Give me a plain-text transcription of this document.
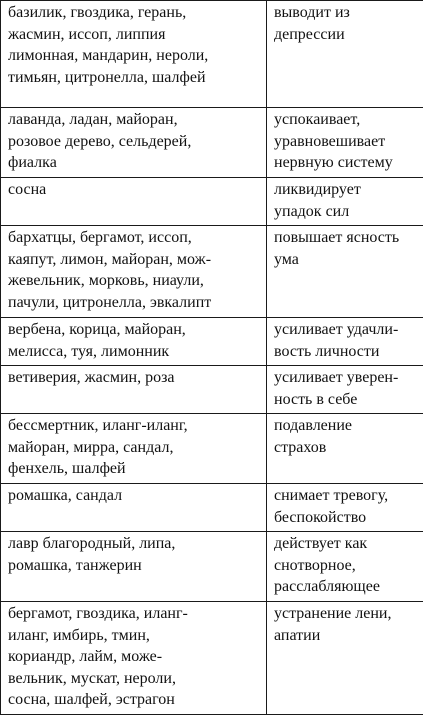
базилик, гвоздика, герань,
жасмин, иссоп, липпия
лимонная, мандарин, нероли,
тимьян, цитронелла, шалфей	выводит из
депрессии

лаванда, ладан, майоран,
розовое дерево, сельдерей,
фиалка	успокаивает,
уравновешивает
нервную систему

сосна	ликвидирует
упадок сил

бархатцы, бергамот, иссоп,
каяпут, лимон, майоран, мож-
жевельник, морковь, ниаули,
пачули, цитронелла, эвкалипт	повышает ясность
ума

вербена, корица, майоран,
мелисса, туя, лимонник	усиливает удачли-
вость личности

ветиверия, жасмин, роза	усиливает уверен-
ность в себе

бессмертник, иланг-иланг,
майоран, мирра, сандал,
фенхель, шалфей	подавление
страхов

ромашка, сандал	снимает тревогу,
беспокойство

лавр благородный, липа,
ромашка, танжерин	действует как
снотворное,
расслабляющее

бергамот, гвоздика, иланг-
иланг, имбирь, тмин,
кориандр, лайм, може-
вельник, мускат, нероли,
сосна, шалфей, эстрагон	устранение лени,
апатии
